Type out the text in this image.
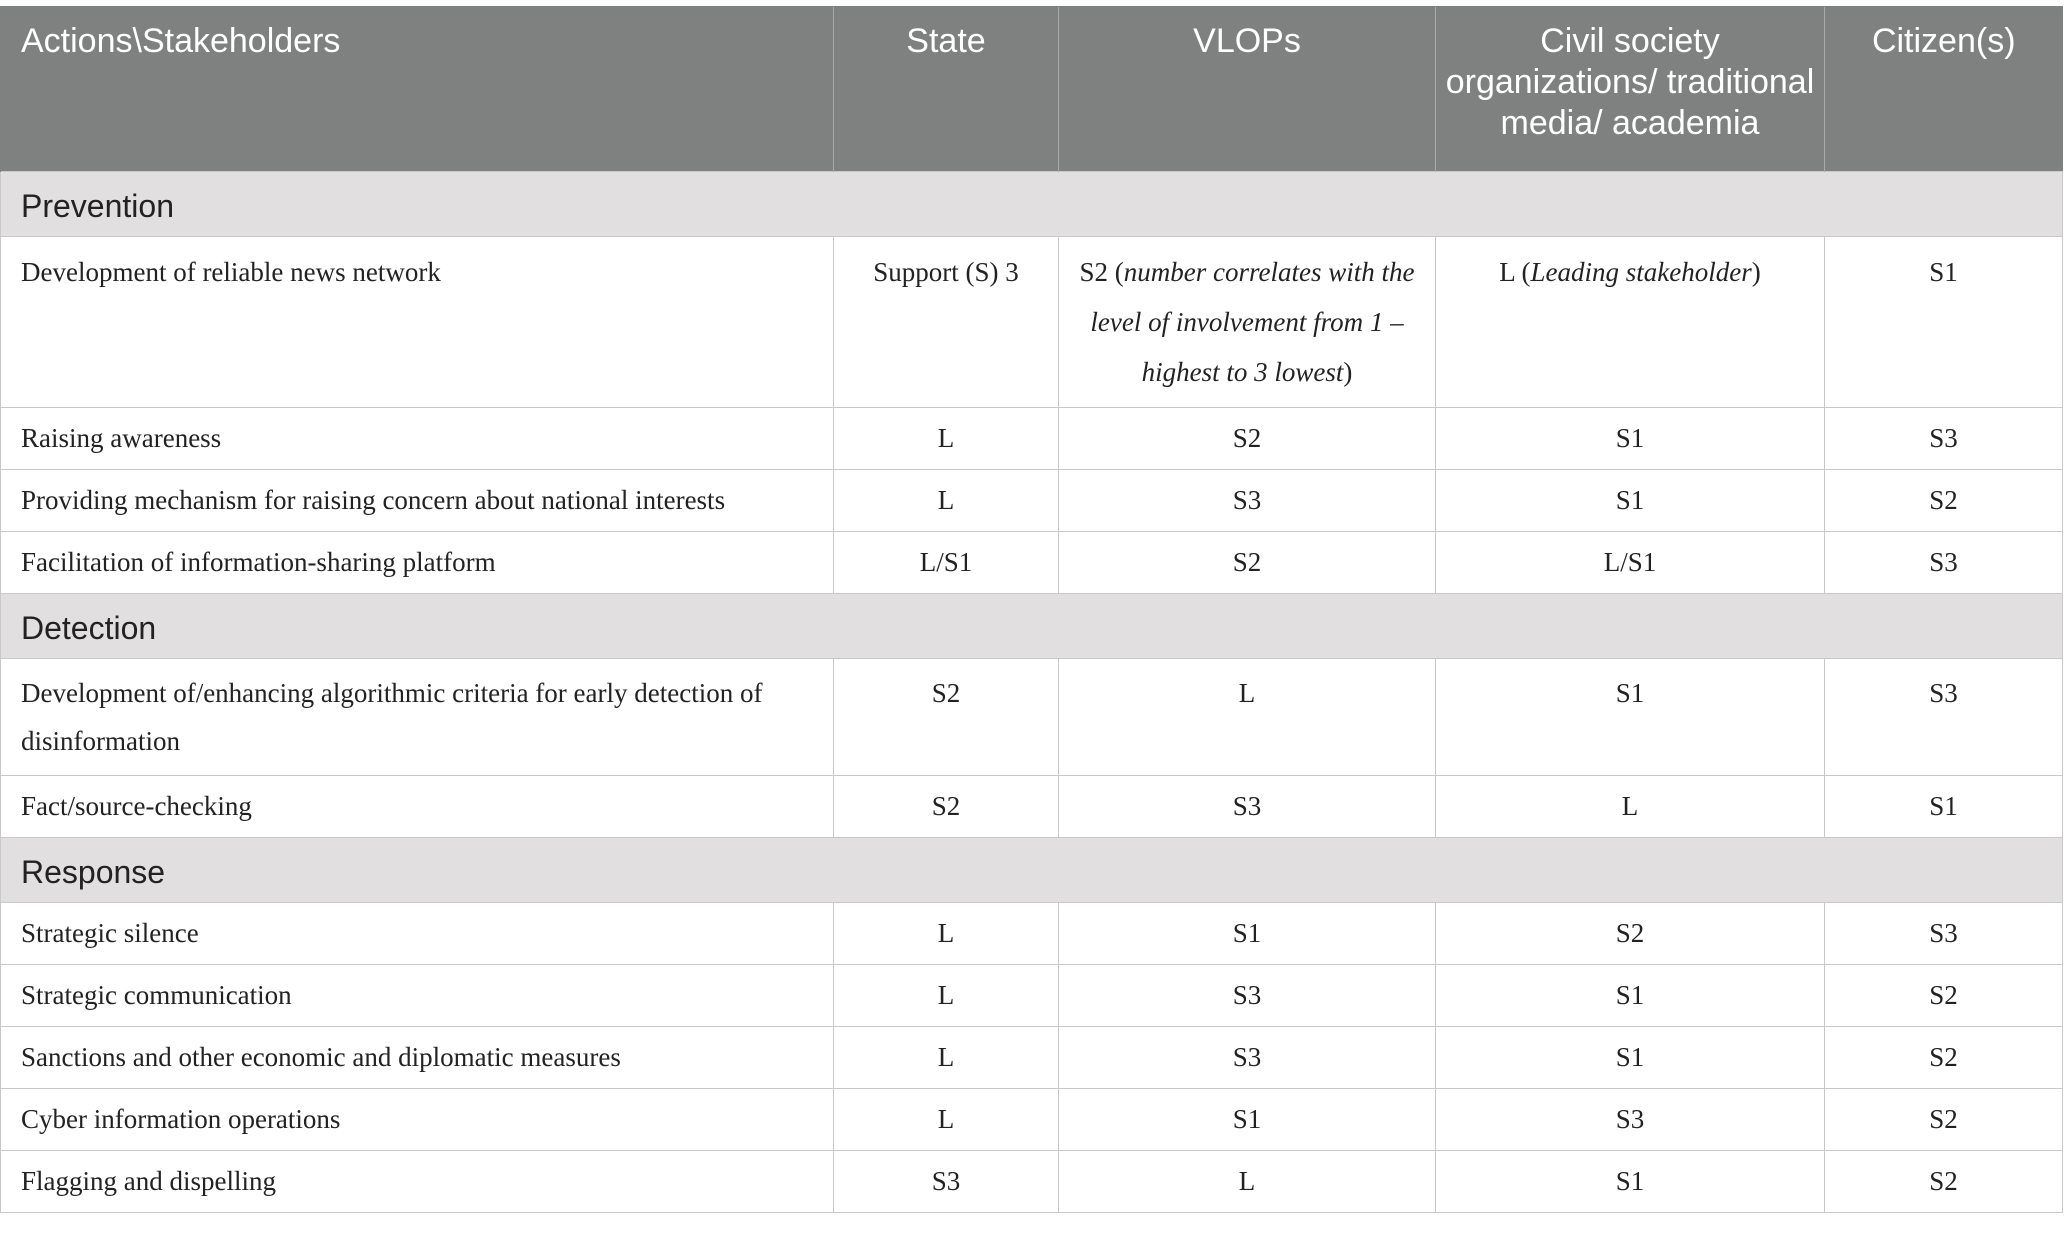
Actions\Stakeholders	State	VLOPs	Civil society organizations/ traditional media/ academia	Citizen(s)
Prevention				
Development of reliable news network	Support (S) 3	S2 (number correlates with the level of involvement from 1 – highest to 3 lowest)	L (Leading stakeholder)	S1
Raising awareness	L	S2	S1	S3
Providing mechanism for raising concern about national interests	L	S3	S1	S2
Facilitation of information-sharing platform	L/S1	S2	L/S1	S3
Detection				
Development of/enhancing algorithmic criteria for early detection of disinformation	S2	L	S1	S3
Fact/source-checking	S2	S3	L	S1
Response				
Strategic silence	L	S1	S2	S3
Strategic communication	L	S3	S1	S2
Sanctions and other economic and diplomatic measures	L	S3	S1	S2
Cyber information operations	L	S1	S3	S2
Flagging and dispelling	S3	L	S1	S2
